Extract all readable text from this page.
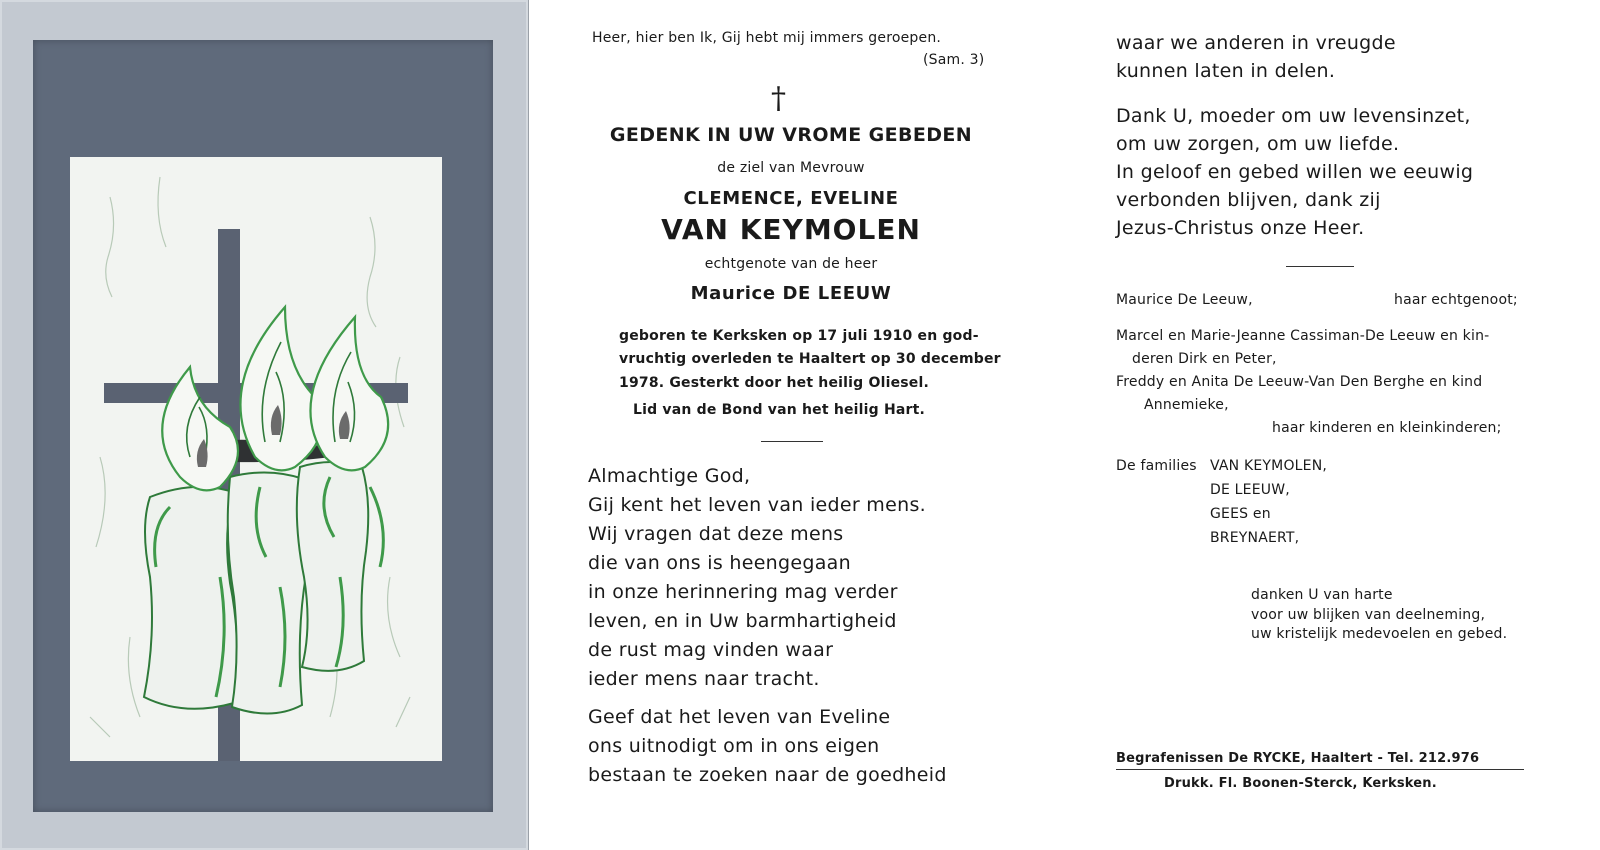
Heer, hier ben Ik, Gij hebt mij immers geroepen.
(Sam. 3)
†
GEDENK IN UW VROME GEBEDEN
de ziel van Mevrouw
CLEMENCE, EVELINE
VAN KEYMOLEN
echtgenote van de heer
Maurice DE LEEUW
geboren te Kerksken op 17 juli 1910 en god-
vruchtig overleden te Haaltert op 30 december
1978. Gesterkt door het heilig Oliesel.
Lid van de Bond van het heilig Hart.
Almachtige God,
Gij kent het leven van ieder mens.
Wij vragen dat deze mens
die van ons is heengegaan
in onze herinnering mag verder
leven, en in Uw barmhartigheid
de rust mag vinden waar
ieder mens naar tracht.
Geef dat het leven van Eveline
ons uitnodigt om in ons eigen
bestaan te zoeken naar de goedheid
waar we anderen in vreugde
kunnen laten in delen.
Dank U, moeder om uw levensinzet,
om uw zorgen, om uw liefde.
In geloof en gebed willen we eeuwig
verbonden blijven, dank zij
Jezus-Christus onze Heer.
Maurice De Leeuw,	haar echtgenoot;
Marcel en Marie-Jeanne Cassiman-De Leeuw en kin-
deren Dirk en Peter,
Freddy en Anita De Leeuw-Van Den Berghe en kind
Annemieke,
haar kinderen en kleinkinderen;
De families VAN KEYMOLEN,
DE LEEUW,
GEES en
BREYNAERT,
danken U van harte
voor uw blijken van deelneming,
uw kristelijk medevoelen en gebed.
Begrafenissen De RYCKE, Haaltert - Tel. 212.976
Drukk. Fl. Boonen-Sterck, Kerksken.
